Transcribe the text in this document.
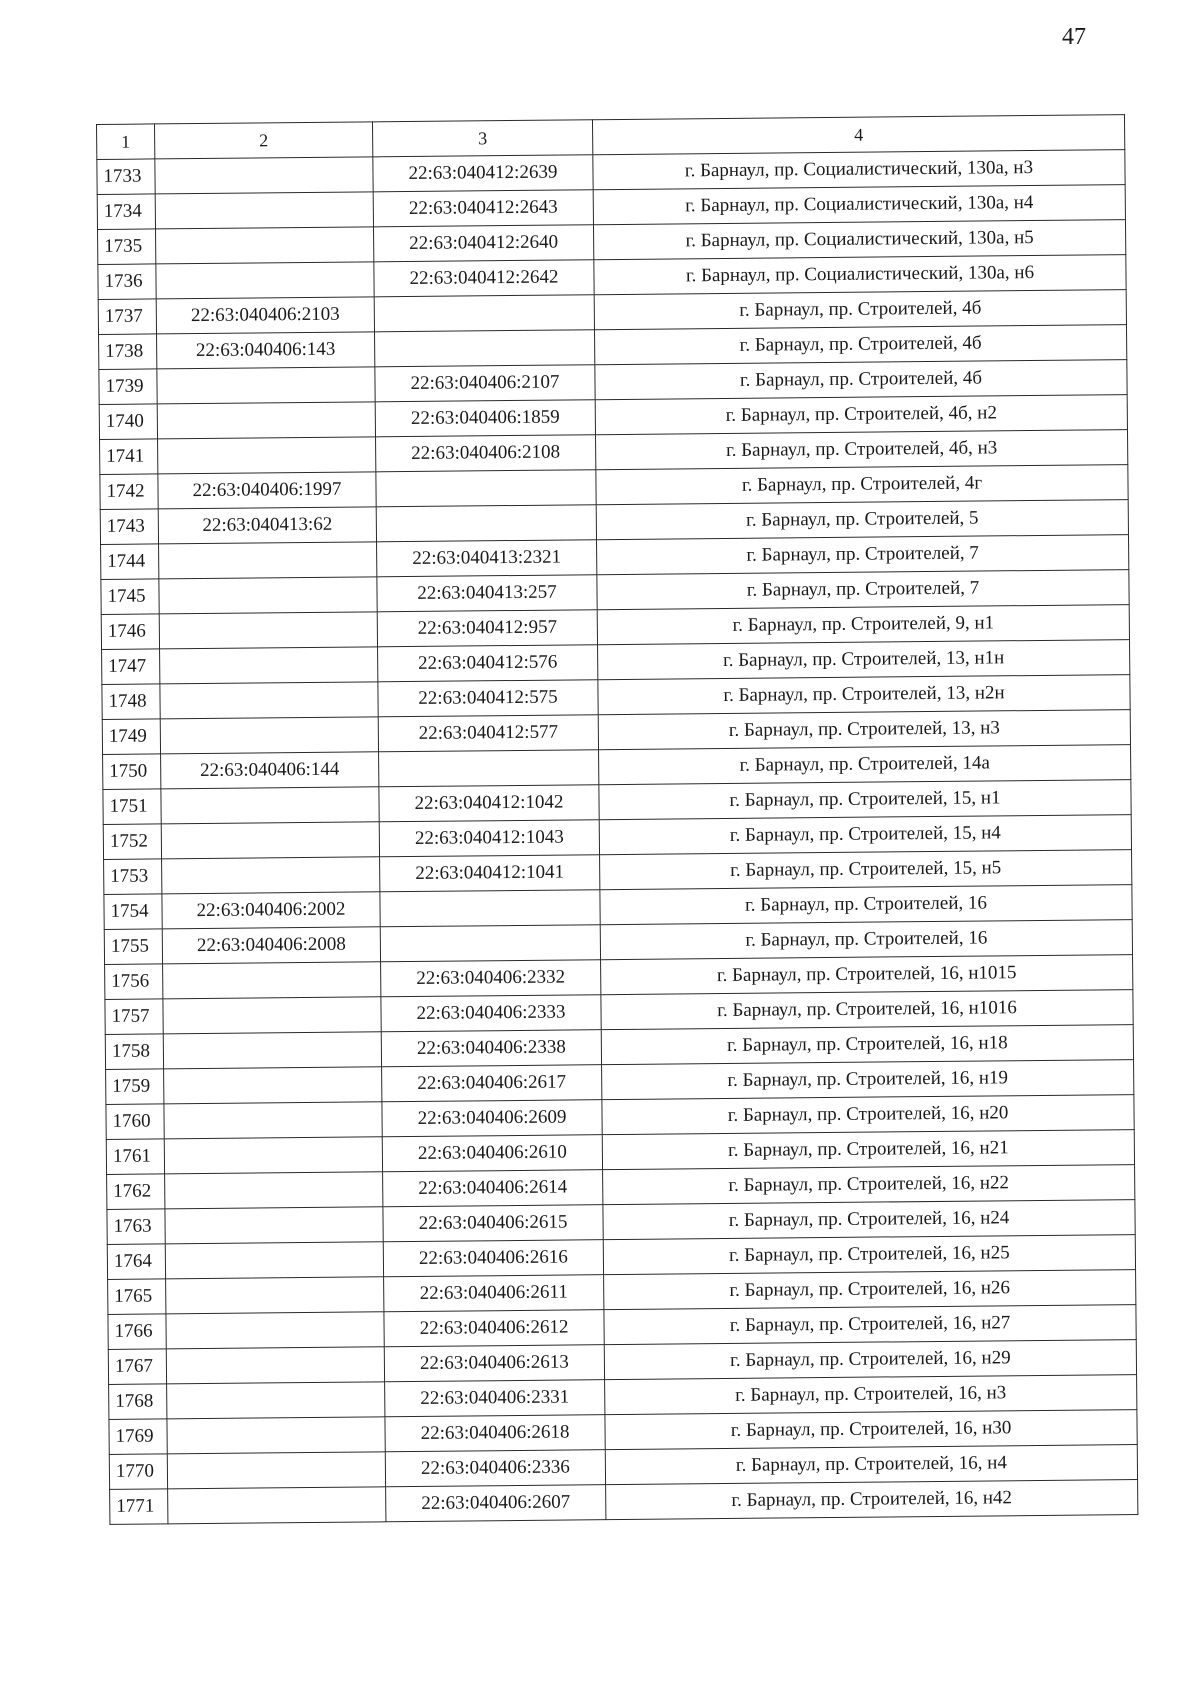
47
1	2	3	4
1733		22:63:040412:2639	г. Барнаул, пр. Социалистический, 130а, н3
1734		22:63:040412:2643	г. Барнаул, пр. Социалистический, 130а, н4
1735		22:63:040412:2640	г. Барнаул, пр. Социалистический, 130а, н5
1736		22:63:040412:2642	г. Барнаул, пр. Социалистический, 130а, н6
1737	22:63:040406:2103		г. Барнаул, пр. Строителей, 4б
1738	22:63:040406:143		г. Барнаул, пр. Строителей, 4б
1739		22:63:040406:2107	г. Барнаул, пр. Строителей, 4б
1740		22:63:040406:1859	г. Барнаул, пр. Строителей, 4б, н2
1741		22:63:040406:2108	г. Барнаул, пр. Строителей, 4б, н3
1742	22:63:040406:1997		г. Барнаул, пр. Строителей, 4г
1743	22:63:040413:62		г. Барнаул, пр. Строителей, 5
1744		22:63:040413:2321	г. Барнаул, пр. Строителей, 7
1745		22:63:040413:257	г. Барнаул, пр. Строителей, 7
1746		22:63:040412:957	г. Барнаул, пр. Строителей, 9, н1
1747		22:63:040412:576	г. Барнаул, пр. Строителей, 13, н1н
1748		22:63:040412:575	г. Барнаул, пр. Строителей, 13, н2н
1749		22:63:040412:577	г. Барнаул, пр. Строителей, 13, н3
1750	22:63:040406:144		г. Барнаул, пр. Строителей, 14а
1751		22:63:040412:1042	г. Барнаул, пр. Строителей, 15, н1
1752		22:63:040412:1043	г. Барнаул, пр. Строителей, 15, н4
1753		22:63:040412:1041	г. Барнаул, пр. Строителей, 15, н5
1754	22:63:040406:2002		г. Барнаул, пр. Строителей, 16
1755	22:63:040406:2008		г. Барнаул, пр. Строителей, 16
1756		22:63:040406:2332	г. Барнаул, пр. Строителей, 16, н1015
1757		22:63:040406:2333	г. Барнаул, пр. Строителей, 16, н1016
1758		22:63:040406:2338	г. Барнаул, пр. Строителей, 16, н18
1759		22:63:040406:2617	г. Барнаул, пр. Строителей, 16, н19
1760		22:63:040406:2609	г. Барнаул, пр. Строителей, 16, н20
1761		22:63:040406:2610	г. Барнаул, пр. Строителей, 16, н21
1762		22:63:040406:2614	г. Барнаул, пр. Строителей, 16, н22
1763		22:63:040406:2615	г. Барнаул, пр. Строителей, 16, н24
1764		22:63:040406:2616	г. Барнаул, пр. Строителей, 16, н25
1765		22:63:040406:2611	г. Барнаул, пр. Строителей, 16, н26
1766		22:63:040406:2612	г. Барнаул, пр. Строителей, 16, н27
1767		22:63:040406:2613	г. Барнаул, пр. Строителей, 16, н29
1768		22:63:040406:2331	г. Барнаул, пр. Строителей, 16, н3
1769		22:63:040406:2618	г. Барнаул, пр. Строителей, 16, н30
1770		22:63:040406:2336	г. Барнаул, пр. Строителей, 16, н4
1771		22:63:040406:2607	г. Барнаул, пр. Строителей, 16, н42
